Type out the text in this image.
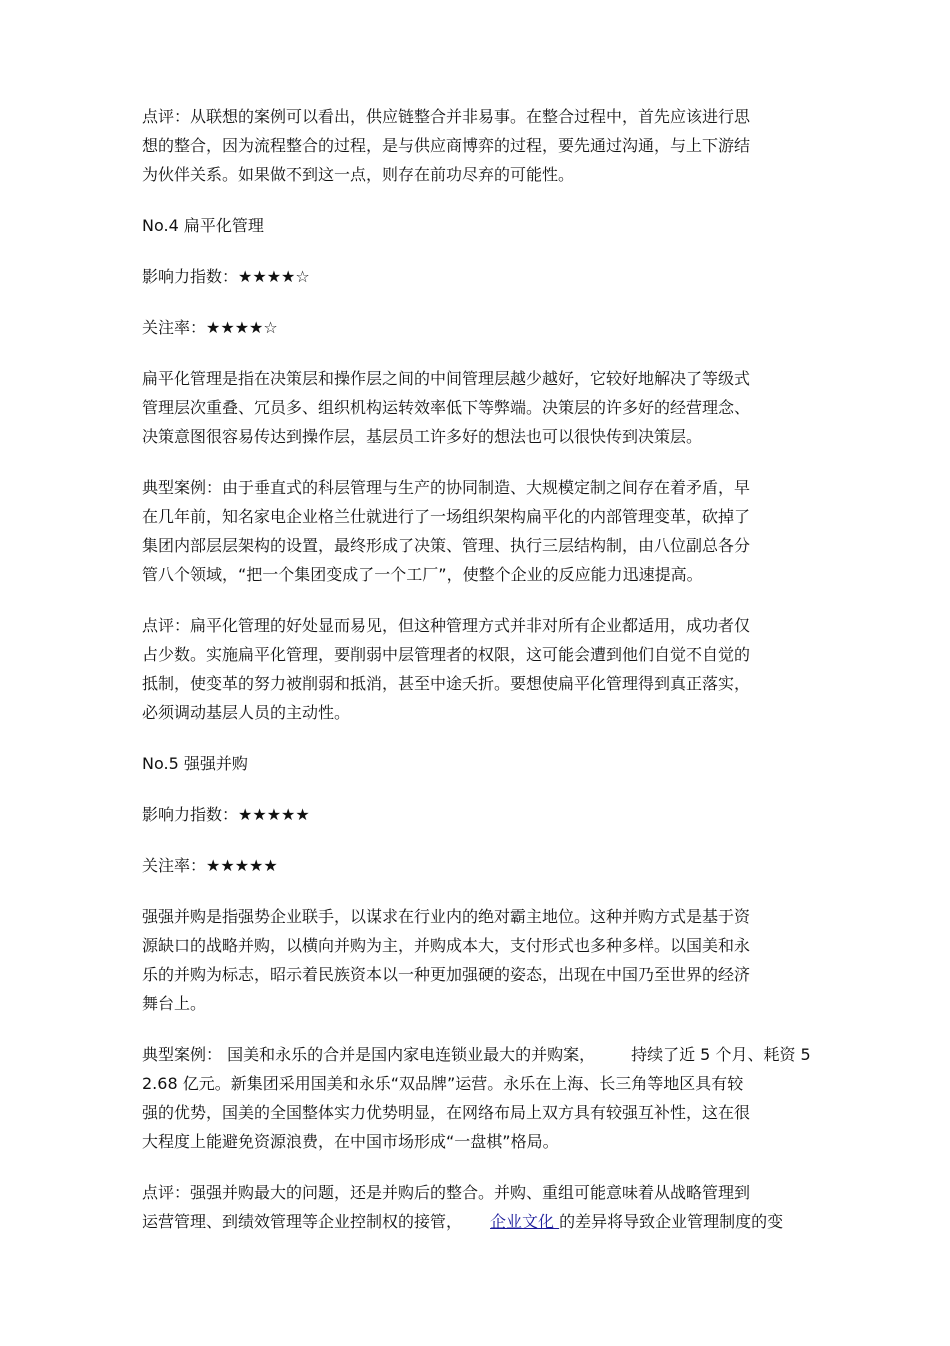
点评：从联想的案例可以看出，供应链整合并非易事。在整合过程中，首先应该进行思
想的整合，因为流程整合的过程，是与供应商博弈的过程，要先通过沟通，与上下游结
为伙伴关系。如果做不到这一点，则存在前功尽弃的可能性。
No.4 扁平化管理
影响力指数：★★★★☆
关注率：★★★★☆
扁平化管理是指在决策层和操作层之间的中间管理层越少越好，它较好地解决了等级式
管理层次重叠、冗员多、组织机构运转效率低下等弊端。决策层的许多好的经营理念、
决策意图很容易传达到操作层，基层员工许多好的想法也可以很快传到决策层。
典型案例：由于垂直式的科层管理与生产的协同制造、大规模定制之间存在着矛盾，早
在几年前，知名家电企业格兰仕就进行了一场组织架构扁平化的内部管理变革，砍掉了
集团内部层层架构的设置，最终形成了决策、管理、执行三层结构制，由八位副总各分
管八个领域，“把一个集团变成了一个工厂”，使整个企业的反应能力迅速提高。
点评：扁平化管理的好处显而易见，但这种管理方式并非对所有企业都适用，成功者仅
占少数。实施扁平化管理，要削弱中层管理者的权限，这可能会遭到他们自觉不自觉的
抵制，使变革的努力被削弱和抵消，甚至中途夭折。要想使扁平化管理得到真正落实，
必须调动基层人员的主动性。
No.5 强强并购
影响力指数：★★★★★
关注率：★★★★★
强强并购是指强势企业联手，以谋求在行业内的绝对霸主地位。这种并购方式是基于资
源缺口的战略并购，以横向并购为主，并购成本大，支付形式也多种多样。以国美和永
乐的并购为标志，昭示着民族资本以一种更加强硬的姿态，出现在中国乃至世界的经济
舞台上。
典型案例： 国美和永乐的合并是国内家电连锁业最大的并购案， 持续了近 5 个月、耗资 5
2.68 亿元。新集团采用国美和永乐“双品牌”运营。永乐在上海、长三角等地区具有较
强的优势，国美的全国整体实力优势明显，在网络布局上双方具有较强互补性，这在很
大程度上能避免资源浪费，在中国市场形成“一盘棋”格局。
点评：强强并购最大的问题，还是并购后的整合。并购、重组可能意味着从战略管理到
运营管理、到绩效管理等企业控制权的接管， 企业文化 的差异将导致企业管理制度的变
